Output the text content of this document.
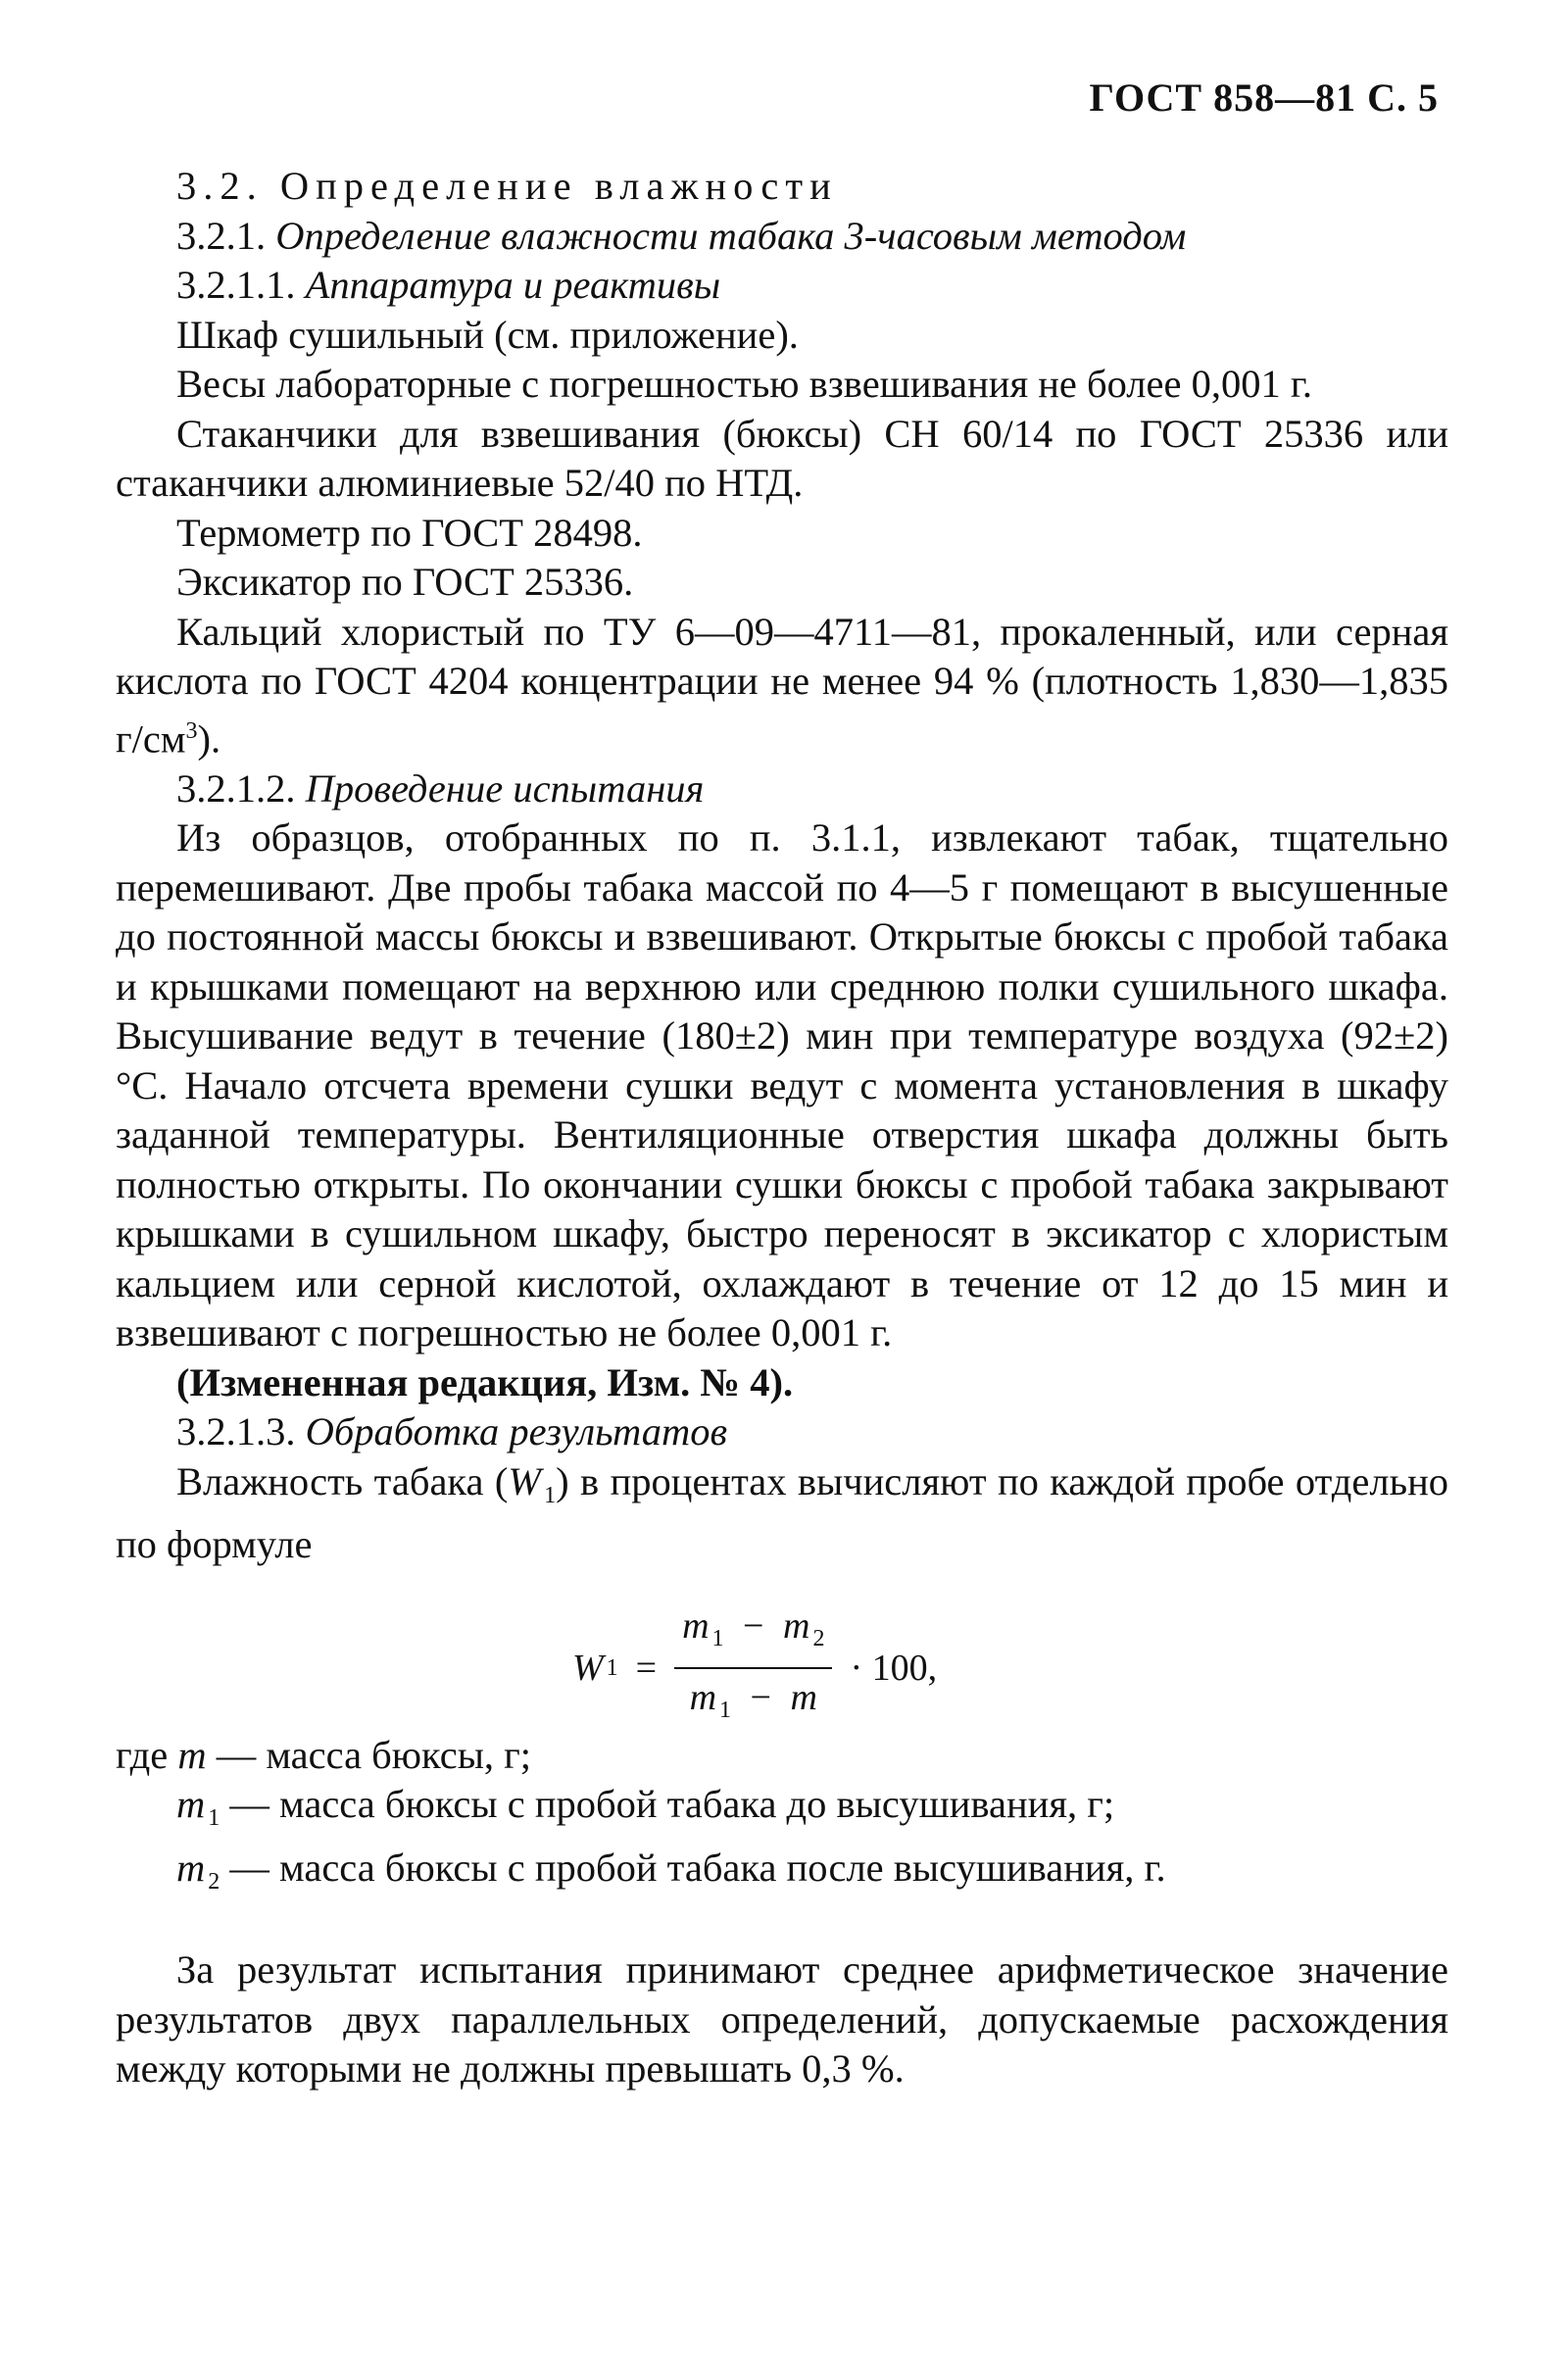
ГОСТ 858—81 С. 5

3.2. Определение влажности

3.2.1. Определение влажности табака 3-часовым методом

3.2.1.1. Аппаратура и реактивы

Шкаф сушильный (см. приложение).

Весы лабораторные с погрешностью взвешивания не более 0,001 г.

Стаканчики для взвешивания (бюксы) СН 60/14 по ГОСТ 25336 или стаканчики алюминиевые 52/40 по НТД.

Термометр по ГОСТ 28498.

Эксикатор по ГОСТ 25336.

Кальций хлористый по ТУ 6—09—4711—81, прокаленный, или серная кислота по ГОСТ 4204 концентрации не менее 94 % (плотность 1,830—1,835 $г/см^3$).

3.2.1.2. Проведение испытания

Из образцов, отобранных по п. 3.1.1, извлекают табак, тщательно перемешивают. Две пробы табака массой по 4—5 г помещают в высушенные до постоянной массы бюксы и взвешивают. Открытые бюксы с пробой табака и крышками помещают на верхнюю или среднюю полки сушильного шкафа. Высушивание ведут в течение (180±2) мин при температуре воздуха (92±2) °С. Начало отсчета времени сушки ведут с момента установления в шкафу заданной температуры. Вентиляционные отверстия шкафа должны быть полностью открыты. По окончании сушки бюксы с пробой табака закрывают крышками в сушильном шкафу, быстро переносят в эксикатор с хлористым кальцием или серной кислотой, охлаждают в течение от 12 до 15 мин и взвешивают с погрешностью не более 0,001 г.

(Измененная редакция, Изм. № 4).

3.2.1.3. Обработка результатов

Влажность табака (W $_1$) в процентах вычисляют по каждой пробе отдельно по формуле

W $1 = \frac{m _1 - m _2}{m _1 - m} \cdot 100$,

где m — масса бюксы, г;

m $_1$ — масса бюксы с пробой табака до высушивания, г;

m $_2$ — масса бюксы с пробой табака после высушивания, г.

За результат испытания принимают среднее арифметическое значение результатов двух параллельных определений, допускаемые расхождения между которыми не должны превышать 0,3 %.
